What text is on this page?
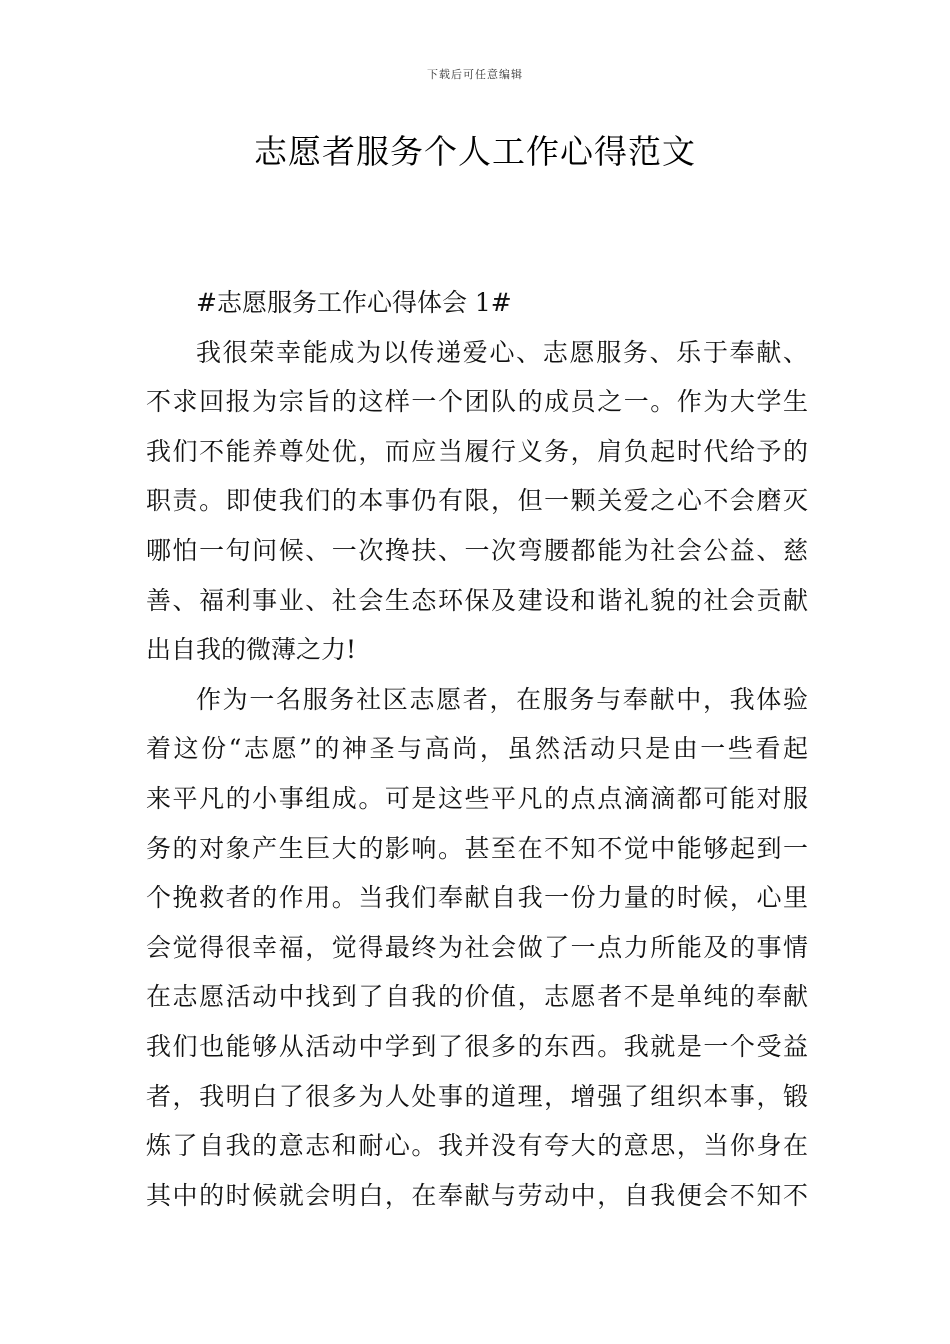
下载后可任意编辑
志愿者服务个人工作心得范文
#志愿服务工作心得体会 1#
我很荣幸能成为以传递爱心、志愿服务、乐于奉献、
不求回报为宗旨的这样一个团队的成员之一。作为大学生
我们不能养尊处优，而应当履行义务，肩负起时代给予的
职责。即使我们的本事仍有限，但一颗关爱之心不会磨灭
哪怕一句问候、一次搀扶、一次弯腰都能为社会公益、慈
善、福利事业、社会生态环保及建设和谐礼貌的社会贡献
出自我的微薄之力!
作为一名服务社区志愿者，在服务与奉献中，我体验
着这份“志愿”的神圣与高尚，虽然活动只是由一些看起
来平凡的小事组成。可是这些平凡的点点滴滴都可能对服
务的对象产生巨大的影响。甚至在不知不觉中能够起到一
个挽救者的作用。当我们奉献自我一份力量的时候，心里
会觉得很幸福，觉得最终为社会做了一点力所能及的事情
在志愿活动中找到了自我的价值，志愿者不是单纯的奉献
我们也能够从活动中学到了很多的东西。我就是一个受益
者，我明白了很多为人处事的道理，增强了组织本事，锻
炼了自我的意志和耐心。我并没有夸大的意思，当你身在
其中的时候就会明白，在奉献与劳动中，自我便会不知不
